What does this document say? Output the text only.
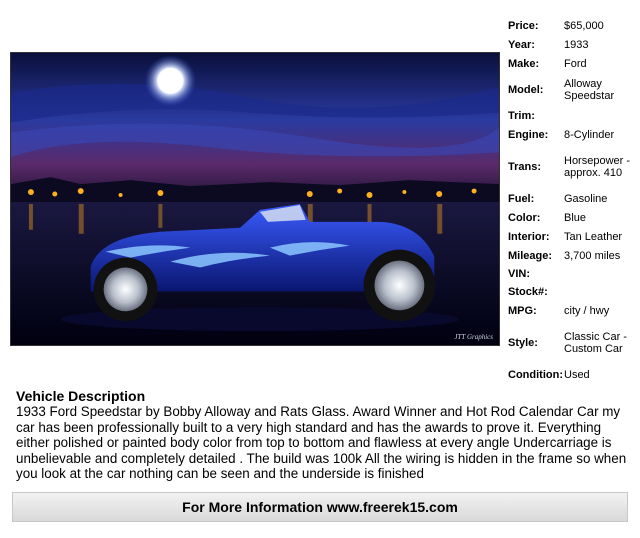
JTT Graphics
Price:	$65,000
Year:	1933
Make:	Ford
Model:	Alloway Speedstar
Trim:	
Engine:	8-Cylinder
Trans:	Horsepower - approx. 410
Fuel:	Gasoline
Color:	Blue
Interior:	Tan Leather
Mileage:	3,700 miles
VIN:	
Stock#:	
MPG:	city / hwy
Style:	Classic Car - Custom Car
Condition:	Used
Vehicle Description
1933 Ford Speedstar by Bobby Alloway and Rats Glass. Award Winner and Hot Rod Calendar Car my car has been professionally built to a very high standard and has the awards to prove it. Everything either polished or painted body color from top to bottom and flawless at every angle Undercarriage is unbelievable and completely detailed . The build was 100k All the wiring is hidden in the frame so when you look at the car nothing can be seen and the underside is finished
For More Information www.freerek15.com
